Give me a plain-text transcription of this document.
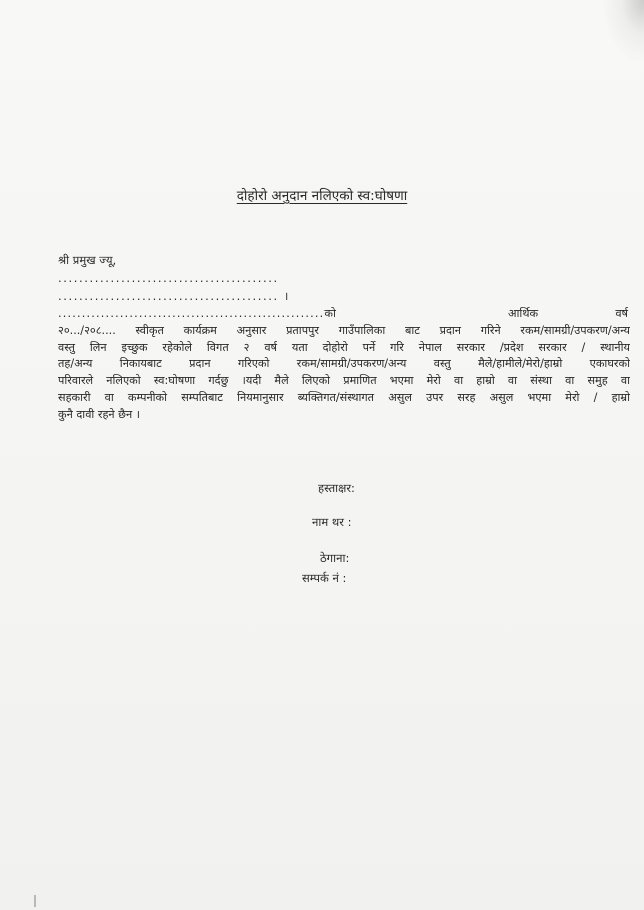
दोहोरो अनुदान नलिएको स्व:घोषणा
श्री प्रमुख ज्यू,
..........................................
.......................................... ।
........................................................को	आर्थिक	वर्ष
२०.../२०८.... स्वीकृत कार्यक्रम अनुसार प्रतापपुर गाउँपालिका बाट प्रदान गरिने रकम/सामग्री/उपकरण/अन्य
वस्तु लिन इच्छुक रहेकोले विगत २ वर्ष यता दोहोरो पर्ने गरि नेपाल सरकार /प्रदेश सरकार / स्थानीय
तह/अन्य निकायबाट प्रदान गरिएको रकम/सामग्री/उपकरण/अन्य वस्तु मैले/हामीले/मेरो/हाम्रो एकाघरको
परिवारले नलिएको स्व:घोषणा गर्दछु ।यदी मैले लिएको प्रमाणित भएमा मेरो वा हाम्रो वा संस्था वा समुह वा
सहकारी वा कम्पनीको सम्पतिबाट नियमानुसार ब्यक्तिगत/संस्थागत असुल उपर सरह असुल भएमा मेरो / हाम्रो
कुनै दावी रहने छैन ।
हस्ताक्षर:
नाम थर :
ठेगाना:
सम्पर्क नं :
